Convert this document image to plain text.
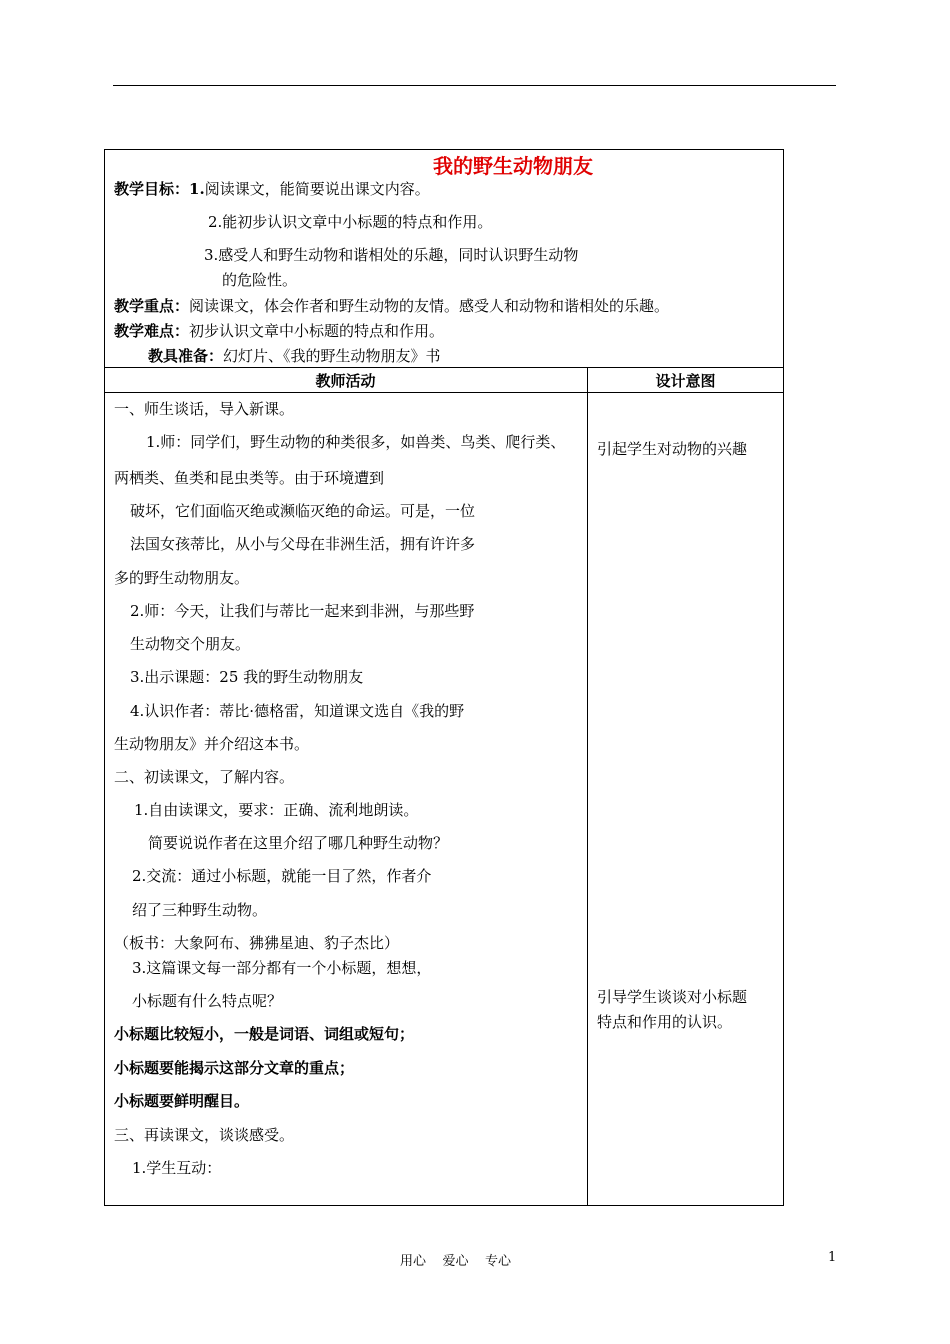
我的野生动物朋友
教学目标：1.阅读课文，能简要说出课文内容。
2.能初步认识文章中小标题的特点和作用。
3.感受人和野生动物和谐相处的乐趣，同时认识野生动物
的危险性。
教学重点：阅读课文，体会作者和野生动物的友情。感受人和动物和谐相处的乐趣。
教学难点：初步认识文章中小标题的特点和作用。
教具准备：幻灯片、《我的野生动物朋友》书
教师活动	设计意图
一、师生谈话，导入新课。
1.师：同学们，野生动物的种类很多，如兽类、鸟类、爬行类、
两栖类、鱼类和昆虫类等。由于环境遭到
破坏，它们面临灭绝或濒临灭绝的命运。可是，一位
法国女孩蒂比，从小与父母在非洲生活，拥有许许多
多的野生动物朋友。
2.师：今天，让我们与蒂比一起来到非洲，与那些野
生动物交个朋友。
3.出示课题：25 我的野生动物朋友
4.认识作者：蒂比·德格雷，知道课文选自《我的野
生动物朋友》并介绍这本书。
二、初读课文，了解内容。
1.自由读课文，要求：正确、流利地朗读。
简要说说作者在这里介绍了哪几种野生动物？
2.交流：通过小标题，就能一目了然，作者介
绍了三种野生动物。
（板书：大象阿布、狒狒星迪、豹子杰比）
3.这篇课文每一部分都有一个小标题，想想，
小标题有什么特点呢？
小标题比较短小，一般是词语、词组或短句；
小标题要能揭示这部分文章的重点；
小标题要鲜明醒目。
三、再读课文，谈谈感受。
1.学生互动：
引起学生对动物的兴趣
引导学生谈谈对小标题
特点和作用的认识。
用心    爱心    专心	1
